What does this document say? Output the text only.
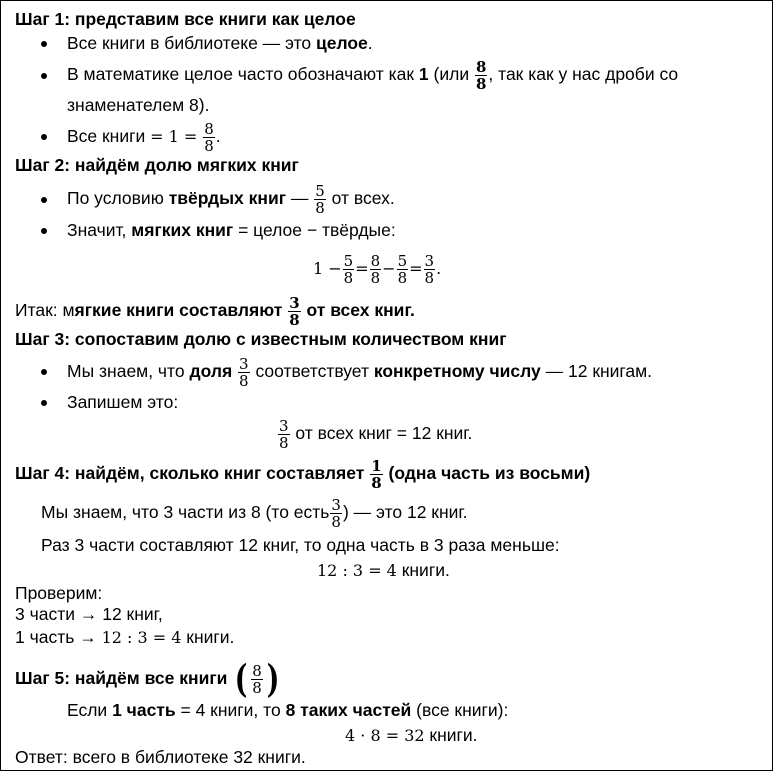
Шаг 1: представим все книги как целое
Все книги в библиотеке — это целое.
В математике целое часто обозначают как 1 ($или \frac{8}{8}$ , так как у нас дроби со
знаменателем 8).
Все книги = $1 = \frac{8}{8}$ .
Шаг 2: найдём долю мягких книг
По условию твёрдых книг — $\frac{5}{8}$ от всех.
Значит, мягких книг = целое − твёрдые:
$1 - \frac{5}{8} = \frac{8}{8} - \frac{5}{8} = \frac{3}{8}$ .
Итак: мягкие книги составляют $\frac{3}{8}$ от всех книг.
Шаг 3: сопоставим долю с известным количеством книг
Мы знаем, что доля $\frac{3}{8}$ соответствует конкретному числу — 12 книгам.
Запишем это:
$\frac{3}{8}$ от всех книг = 12 книг.
Шаг 4: найдём, сколько книг составляет $\frac{1}{8}$ (одна часть из восьми)
Мы знаем, что 3 части из 8 (то есть $\frac{3}{8}$ ) — это 12 книг.
Раз 3 части составляют 12 книг, то одна часть в 3 раза меньше:
12 : 3 = 4 книги.
Проверим:
3 части → 12 книг,
1 часть → 12 : 3 = 4 книги.
Шаг 5: найдём все книги ( $\frac{8}{8}$ )
Если 1 часть = 4 книги, то 8 таких частей (все книги):
4 · 8 = 32 книги.
Ответ: всего в библиотеке 32 книги.
